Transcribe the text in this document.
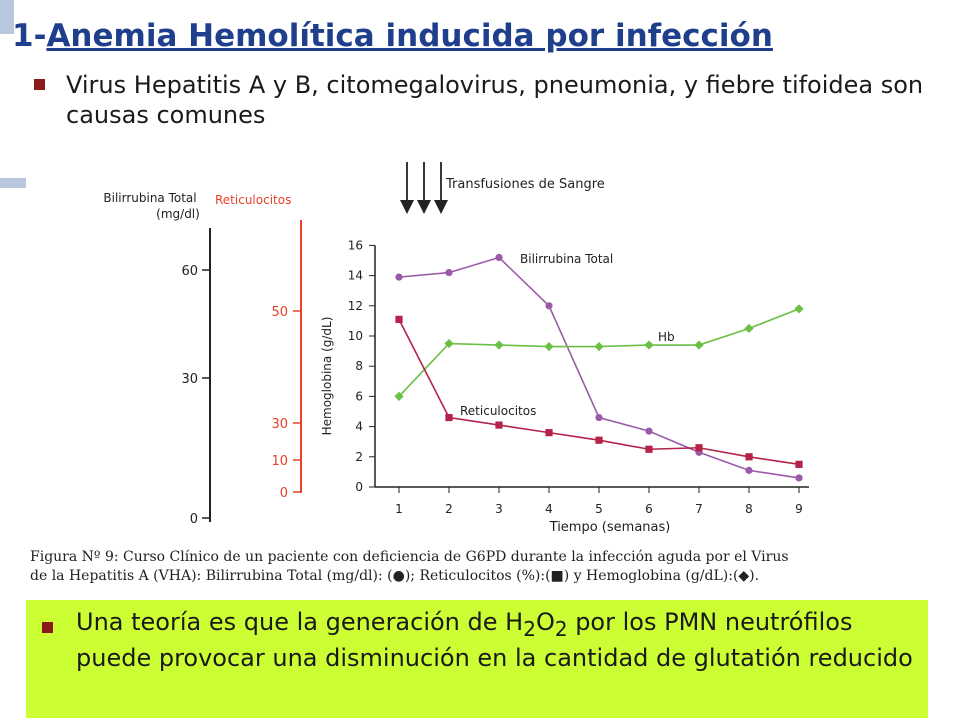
1-Anemia Hemolítica inducida por infección
Virus Hepatitis A y B, citomegalovirus, pneumonia, y fiebre tifoidea son causas comunes
Bilirrubina Total
(mg/dl)
60
30
0
Reticulocitos
50
30
10
0	0
2
4
6
8
10
12
14
16
Hemoglobina (g/dL)
1	2	3	4	5	6	7	8	9
Tiempo (semanas)
Transfusiones de Sangre
Bilirrubina Total
Hb
Reticulocitos
Figura Nº 9: Curso Clínico de un paciente con deficiencia de G6PD durante la infección aguda por el Virus
de la Hepatitis A (VHA): Bilirrubina Total (mg/dl): (●); Reticulocitos (%):(■) y Hemoglobina (g/dL):(◆).
Una teoría es que la generación de $H_2O_2$ por los PMN neutrófilos puede provocar una disminución en la cantidad de glutatión reducido
